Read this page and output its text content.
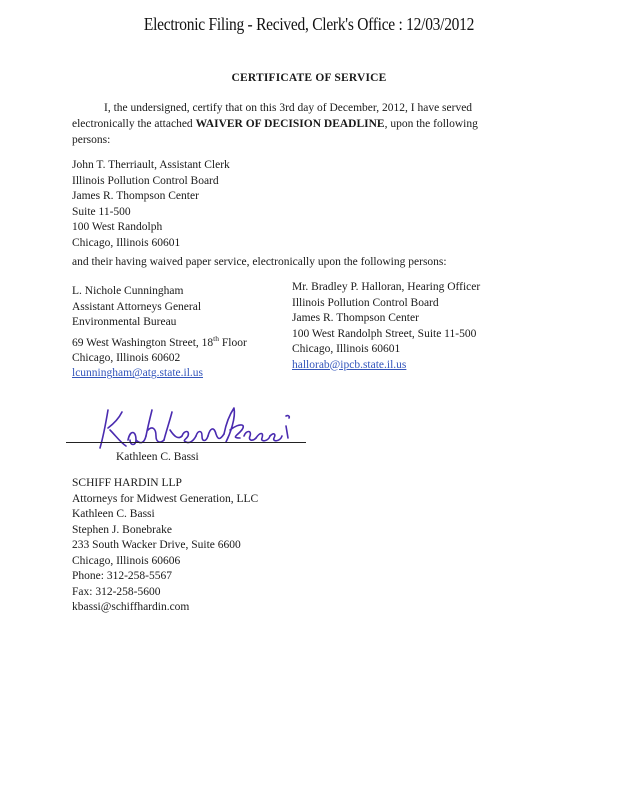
Electronic Filing - Recived, Clerk's Office : 12/03/2012
CERTIFICATE OF SERVICE
I, the undersigned, certify that on this 3rd day of December, 2012, I have served electronically the attached WAIVER OF DECISION DEADLINE, upon the following persons:
John T. Therriault, Assistant Clerk
Illinois Pollution Control Board
James R. Thompson Center
Suite 11-500
100 West Randolph
Chicago, Illinois 60601
and their having waived paper service, electronically upon the following persons:
L. Nichole Cunningham
Assistant Attorneys General
Environmental Bureau
69 West Washington Street, 18th Floor
Chicago, Illinois 60602
lcunningham@atg.state.il.us
Mr. Bradley P. Halloran, Hearing Officer
Illinois Pollution Control Board
James R. Thompson Center
100 West Randolph Street, Suite 11-500
Chicago, Illinois 60601
hallorab@ipcb.state.il.us
Kathleen C. Bassi
SCHIFF HARDIN LLP
Attorneys for Midwest Generation, LLC
Kathleen C. Bassi
Stephen J. Bonebrake
233 South Wacker Drive, Suite 6600
Chicago, Illinois 60606
Phone: 312-258-5567
Fax: 312-258-5600
kbassi@schiffhardin.com
